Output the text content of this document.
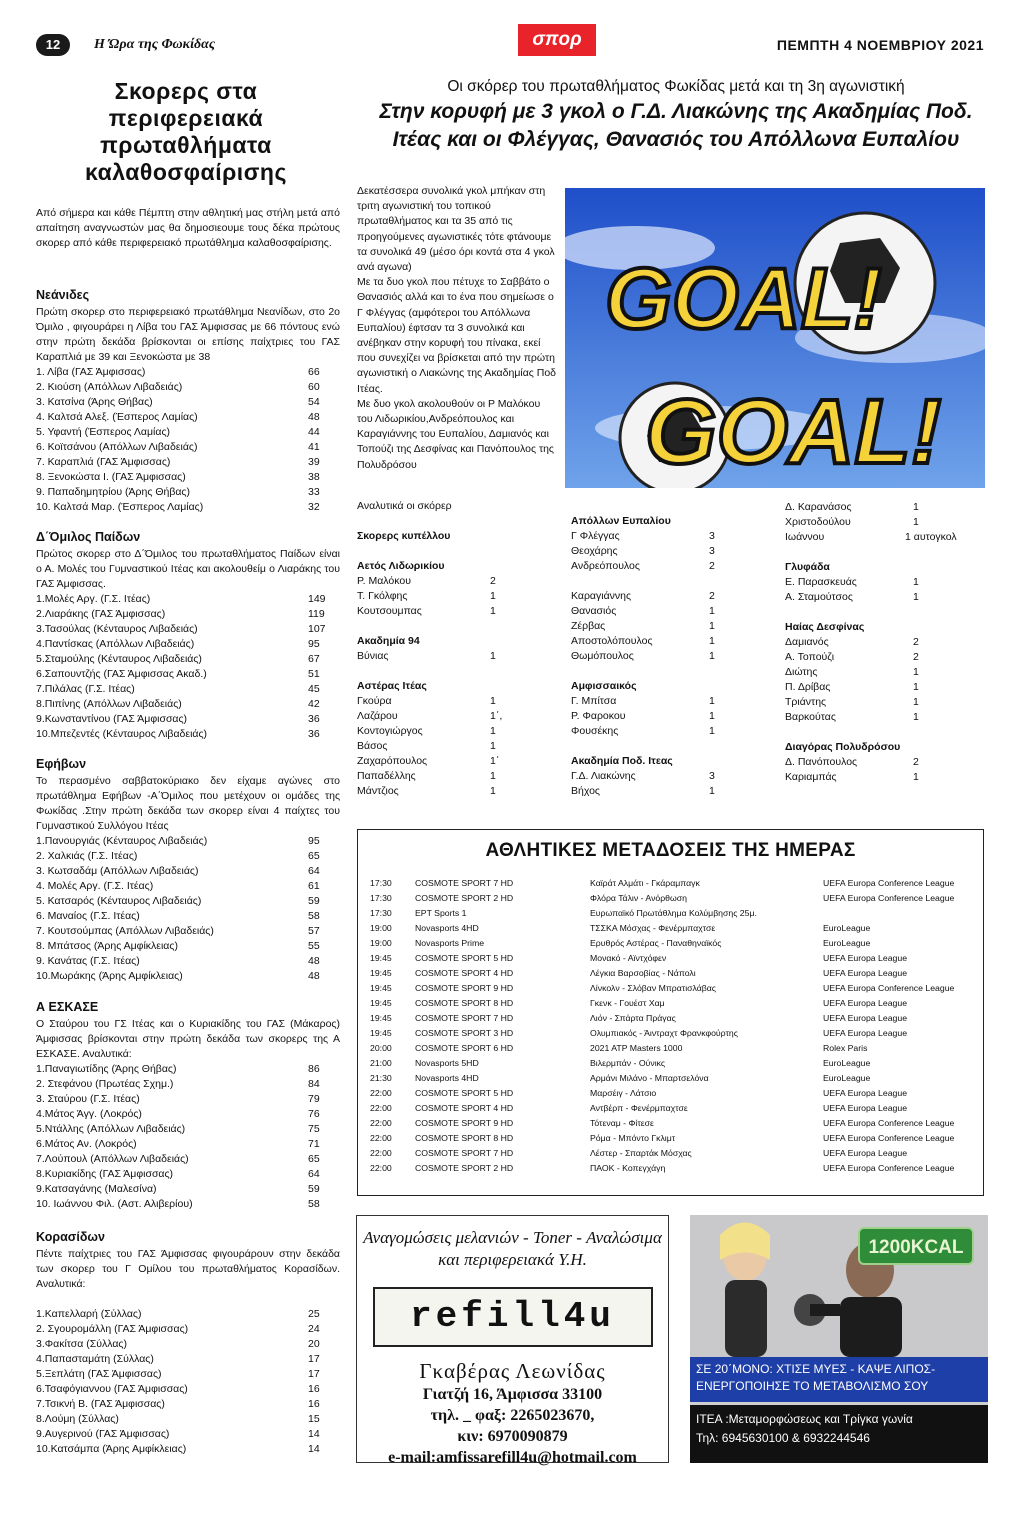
12	Η Ώρα της Φωκίδας	σπορ	ΠΕΜΠΤΗ 4 ΝΟΕΜΒΡΙΟΥ 2021
Σκορερς στα
περιφερειακά
πρωταθλήματα
καλαθοσφαίρισης
Από σήμερα και κάθε Πέμπτη στην αθλητική μας στήλη μετά από απαίτηση αναγνωστών μας θα δημοσιεουμε τους δέκα πρώτους σκορερ από κάθε περιφερειακό πρωτάθλημα καλαθοσφαίρισης.
Νεάνιδες

Πρώτη σκορερ στο περιφερειακό πρωτάθλημα Νεανίδων, στο 2ο Όμιλο , φιγουράρει η Λίβα του ΓΑΣ Άμφισσας με 66 πόντους ενώ στην πρώτη δεκάδα βρίσκονται οι επίσης παίχτριες του ΓΑΣ Καραπλιά με 39 και Ξενοκώστα με 38

1. Λίβα (ΓΑΣ Άμφισσας)	66
2. Κιούση (Απόλλων Λιβαδειάς)	60
3. Κατσίνα (Άρης Θήβας)	54
4. Καλτσά Αλεξ. (Έσπερος Λαμίας)	48
5. Υφαντή (Έσπερος Λαμίας)	44
6. Κοϊτσάνου (Απόλλων Λιβαδειάς)	41
7. Καραπλιά (ΓΑΣ Άμφισσας)	39
8. Ξενοκώστα Ι. (ΓΑΣ Άμφισσας)	38
9. Παπαδημητρίου (Άρης Θήβας)	33
10. Καλτσά Μαρ. (Έσπερος Λαμίας)	32
Δ΄Όμιλος Παίδων

Πρώτος σκορερ στο Δ΄Όμιλος του πρωταθλήματος Παίδων είναι ο Α. Μολές του Γυμναστικού Ιτέας και ακολουθείμ ο Λιαράκης του ΓΑΣ Άμφισσας.

1.Μολές Αργ. (Γ.Σ. Ιτέας)	149
2.Λιαράκης (ΓΑΣ Άμφισσας)	119
3.Τασούλας (Κένταυρος Λιβαδειάς)	107
4.Παντίσκας (Απόλλων Λιβαδειάς)	95
5.Σταμούλης (Κένταυρος Λιβαδειάς)	67
6.Σαπουντζής (ΓΑΣ Άμφισσας Ακαδ.)	51
7.Πιλάλας (Γ.Σ. Ιτέας)	45
8.Πιπίνης (Απόλλων Λιβαδειάς)	42
9.Κωνσταντίνου (ΓΑΣ Άμφισσας)	36
10.Μπεζεντές (Κένταυρος Λιβαδειάς)	36
Εφήβων

Το περασμένο σαββατοκύριακο δεν είχαμε αγώνες στο πρωτάθλημα Εφήβων -Α΄Όμιλος που μετέχουν οι ομάδες της Φωκίδας .Στην πρώτη δεκάδα των σκορερ είναι 4 παίχτες του Γυμναστικού Συλλόγου Ιτέας

1.Πανουργιάς (Κένταυρος Λιβαδειάς)	95
2. Χαλκιάς (Γ.Σ. Ιτέας)	65
3. Κωτσαδάμ (Απόλλων Λιβαδειάς)	64
4. Μολές Αργ. (Γ.Σ. Ιτέας)	61
5. Κατσαρός (Κένταυρος Λιβαδειάς)	59
6. Μαναίος (Γ.Σ. Ιτέας)	58
7. Κουτσούμπας (Απόλλων Λιβαδειάς)	57
8. Μπάτσος (Άρης Αμφίκλειας)	55
9. Κανάτας (Γ.Σ. Ιτέας)	48
10.Μωράκης (Άρης Αμφίκλειας)	48
Α ΕΣΚΑΣΕ

Ο Σταύρου του ΓΣ Ιτέας και ο Κυριακίδης του ΓΑΣ (Μάκαρος) Άμφισσας βρίσκονται στην πρώτη δεκάδα των σκορερς της Α ΕΣΚΑΣΕ. Αναλυτικά:

1.Παναγιωτίδης (Άρης Θήβας)	86
2. Στεφάνου (Πρωτέας Σχημ.)	84
3. Σταύρου (Γ.Σ. Ιτέας)	79
4.Μάτος Άγγ. (Λοκρός)	76
5.Ντάλλης (Απόλλων Λιβαδειάς)	75
6.Μάτος Αν. (Λοκρός)	71
7.Λούπουλ (Απόλλων Λιβαδειάς)	65
8.Κυριακίδης (ΓΑΣ Άμφισσας)	64
9.Κατσαγάνης (Μαλεσίνα)	59
10. Ιωάννου Φιλ. (Αστ. Αλιβερίου)	58
Κορασίδων

Πέντε παίχτριες του ΓΑΣ Άμφισσας φιγουράρουν στην δεκάδα των σκορερ του Γ Ομίλου του πρωταθλήματος Κορασίδων. Αναλυτικά:

1.Καπελλαρή (Σύλλας)	25
2. Σγουρομάλλη (ΓΑΣ Άμφισσας)	24
3.Φακίτσα (Σύλλας)	20
4.Παπασταμάτη (Σύλλας)	17
5.Ξεπλάτη (ΓΑΣ Άμφισσας)	17
6.Τσαφόγιαννου (ΓΑΣ Άμφισσας)	16
7.Τσικνή Β. (ΓΑΣ Άμφισσας)	16
8.Λούμη (Σύλλας)	15
9.Αυγερινού (ΓΑΣ Άμφισσας)	14
10.Κατσάμπα (Άρης Αμφίκλειας)	14
Οι σκόρερ του πρωταθλήματος Φωκίδας μετά και τη 3η αγωνιστική
Στην κορυφή με 3 γκολ ο Γ.Δ. Λιακώνης της Ακαδημίας Ποδ. Ιτέας και οι Φλέγγας, Θανασιός του Απόλλωνα Ευπαλίου

Δεκατέσσερα συνολικά γκολ μπήκαν στη τριτη αγωνιστική του τοπικού πρωταθλήματος και τα 35 από τις προηγούμενες αγωνιστικές τότε φτάνουμε τα συνολικά 49 (μέσο όρι κοντά στα 4 γκολ ανά αγωνα)

Με τα δυο γκολ που πέτυχε το Σαββάτο ο Θανασιός αλλά και το ένα που σημείωσε ο Γ Φλέγγας (αμφότεροι του Απόλλωνα Ευπαλίου) έφτσαν τα 3 συνολικά και ανέβηκαν στην κορυφή του πίνακα, εκεί που συνεχίζει να βρίσκεται από την πρώτη αγωνιστική ο Λιακώνης της Ακαδημίας Ποδ Ιτέας.

Με δυο γκολ ακολουθούν οι Ρ Μαλόκου του Λιδωρικίου,Ανδρεόπουλος και Καραγιάννης του Ευπαλίου, Δαμιανός και Τοπούζι της Δεσφίνας και Πανόπουλος της Πολυδρόσου

GOAL!
GOAL!
Αναλυτικά οι σκόρερ
Σκορερς κυπέλλου
Αετός Λιδωρικίου
Ρ. Μαλόκου	2
Τ. Γκόλφης	1
Κουτσουμπας	1
Ακαδημία 94
Βύνιας	1
Αστέρας Ιτέας
Γκούρα	1
Λαζάρου	1΄,
Κοντογιώργος	1
Βάσος	1
Ζαχαρόπουλος	1΄
Παπαδέλλης	1
Μάντζιος	1
Απόλλων Ευπαλίου
Γ Φλέγγας	3
Θεοχάρης	3
Ανδρεόπουλος	2
Καραγιάννης	2
Θανασιός	1
Ζέρβας	1
Αποστολόπουλος	1
Θωμόπουλος	1
Αμφισσαικός
Γ. Μπίτσα	1
Ρ. Φαροκου	1
Φουσέκης	1
Ακαδημία Ποδ. Ιτεας
Γ.Δ. Λιακώνης	3
Βήχος	1
Δ. Καρανάσος	1
Χριστοδούλου	1
Ιωάννου	1 αυτογκολ
Γλυφάδα
Ε. Παρασκευάς	1
Α. Σταμούτσος	1
Ηαίας Δεσφίνας
Δαμιανός	2
Α. Τοπούζι	2
Διώτης	1
Π. Δρίβας	1
Τριάντης	1
Βαρκούτας	1
Διαγόρας Πολυδρόσου
Δ. Πανόπουλος	2
Καριαμπάς	1
ΑΘΛΗΤΙΚΕΣ ΜΕΤΑΔΟΣΕΙΣ ΤΗΣ ΗΜΕΡΑΣ
17:30	COSMOTE SPORT 7 HD	Καϊράτ Αλμάτι - Γκάραμπαγκ	UEFA Europa Conference League
17:30	COSMOTE SPORT 2 HD	Φλόρα Τάλιν - Ανόρθωση	UEFA Europa Conference League
17:30	EPT Sports 1	Ευρωπαϊκό Πρωτάθλημα Κολύμβησης 25μ.
19:00	Novasports 4HD	ΤΣΣΚΑ Μόσχας - Φενέρμπαχτσε	EuroLeague
19:00	Novasports Prime	Ερυθρός Αστέρας - Παναθηναϊκός	EuroLeague
19:45	COSMOTE SPORT 5 HD	Μονακό - Αϊντχόφεν	UEFA Europa League
19:45	COSMOTE SPORT 4 HD	Λέγκια Βαρσοβίας - Νάπολι	UEFA Europa League
19:45	COSMOTE SPORT 9 HD	Λίνκολν - Σλόβαν Μπρατισλάβας	UEFA Europa Conference League
19:45	COSMOTE SPORT 8 HD	Γκενκ - Γουέστ Χαμ	UEFA Europa League
19:45	COSMOTE SPORT 7 HD	Λιόν - Σπάρτα Πράγας	UEFA Europa League
19:45	COSMOTE SPORT 3 HD	Ολυμπιακός - Άιντραχτ Φρανκφούρτης	UEFA Europa League
20:00	COSMOTE SPORT 6 HD	2021 ATP Masters 1000	Rolex Paris
21:00	Novasports 5HD	Βιλερμπάν - Ούνικς	EuroLeague
21:30	Novasports 4HD	Αρμάνι Μιλάνο - Μπαρτσελόνα	EuroLeague
22:00	COSMOTE SPORT 5 HD	Μαρσέιγ - Λάτσιο	UEFA Europa League
22:00	COSMOTE SPORT 4 HD	Αντβέρπ - Φενέρμπαχτσε	UEFA Europa League
22:00	COSMOTE SPORT 9 HD	Τότεναμ - Φίτεσε	UEFA Europa Conference League
22:00	COSMOTE SPORT 8 HD	Ρόμα - Μπόντο Γκλιμτ	UEFA Europa Conference League
22:00	COSMOTE SPORT 7 HD	Λέστερ - Σπαρτάκ Μόσχας	UEFA Europa League
22:00	COSMOTE SPORT 2 HD	ΠΑΟΚ - Κοπεγχάγη	UEFA Europa Conference League
Αναγομώσεις μελανιών - Toner - Αναλώσιμα και περιφερειακά Υ.Η.
refill4u
Γκαβέρας Λεωνίδας
Γιατζή 16, Άμφισσα 33100
τηλ. _ φαξ: 2265023670,
κιν: 6970090879
e-mail:amfissarefill4u@hotmail.com
1200KCAL
ΣΕ 20΄ΜΟΝΟ: ΧΤΙΣΕ ΜΥΕΣ - ΚΑΨΕ ΛΙΠΟΣ- ΕΝΕΡΓΟΠΟΙΗΣΕ ΤΟ ΜΕΤΑΒΟΛΙΣΜΟ ΣΟΥ
ΙΤΕΑ :Μεταμορφώσεως και Τρίγκα γωνία
Τηλ: 6945630100 & 6932244546
